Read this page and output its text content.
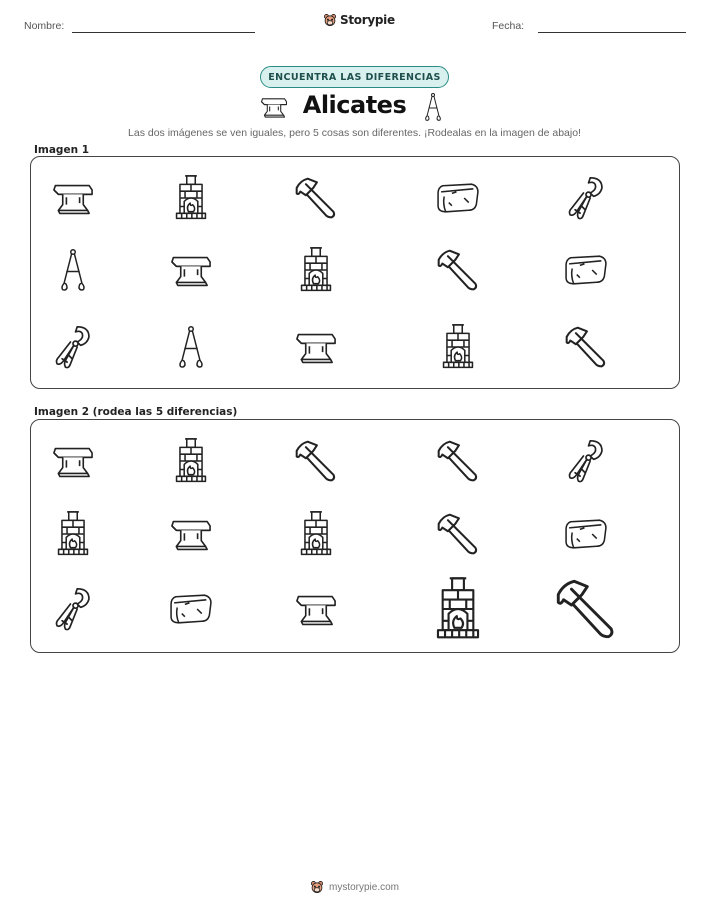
Nombre:	Storypie	Fecha:
ENCUENTRA LAS DIFERENCIAS
Alicates
Las dos imágenes se ven iguales, pero 5 cosas son diferentes. ¡Rodealas en la imagen de abajo!
Imagen 1
Imagen 2 (rodea las 5 diferencias)
mystorypie.com
